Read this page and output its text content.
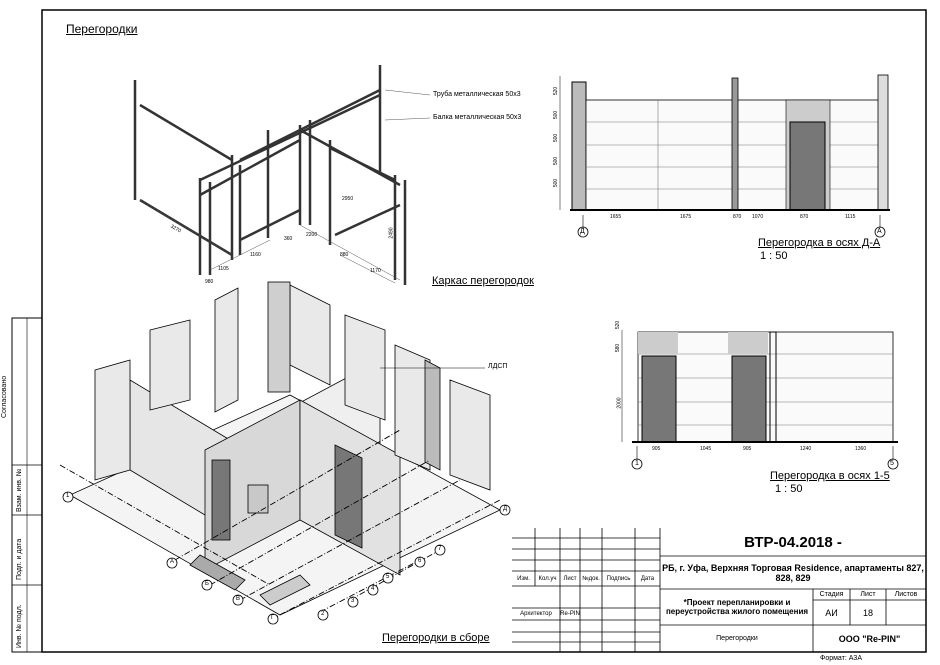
Перегородки
Каркас перегородок
Перегородки в сборе
Перегородка в осях Д-А
1 : 50
Перегородка в осях 1-5
1 : 50
Труба металлическая 50х3
Балка металлическая 50х3
ЛДСП
3270
1160
1105
360
2950
2200
880
1170
2490
980
1655	1675	870 1070	870	1115
520
500
500
500
500
Д	А
905	1045	905	1240	1360
520
580
2000
1	5
1
А
Б
В
Г
2
3
4
5
6
7
Д
Согласовано
Взам. инв. №
Подп. и дата
Инв. № подл.
ВТР-04.2018 -
РБ, г. Уфа, Верхняя Торговая Residence, апартаменты 827, 828, 829
*Проект перепланировки и переустройства жилого помещения
Перегородки	ООО "Re-PIN"
Стадия	Лист	Листов
АИ	18
Изм.	Кол.уч	Лист №док.	Подпись	Дата
Архитектор	Re-PIN
Формат: А3А
